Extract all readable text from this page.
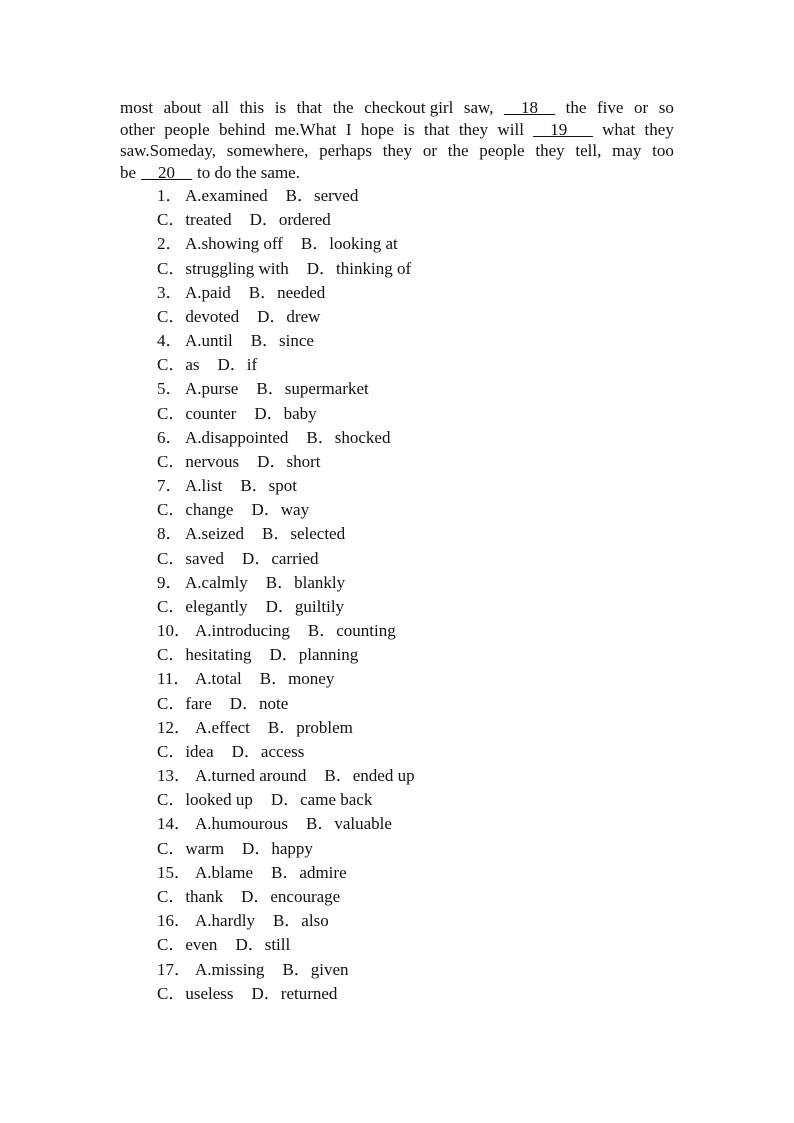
most about all this is that the checkout girl saw, __18__ the five or so
other people behind me.What I hope is that they will __19___ what they
saw.Someday, somewhere, perhaps they or the people they tell, may too
be __20__ to do the same.
1． A.examined B．served
C．treated D．ordered
2． A.showing off B．looking at
C．struggling with D．thinking of
3． A.paid B．needed
C．devoted D．drew
4． A.until B．since
C．as D．if
5． A.purse B．supermarket
C．counter D．baby
6． A.disappointed B．shocked
C．nervous D．short
7． A.list B．spot
C．change D．way
8． A.seized B．selected
C．saved D．carried
9． A.calmly B．blankly
C．elegantly D．guiltily
10． A.introducing B．counting
C．hesitating D．planning
11． A.total B．money
C．fare D．note
12． A.effect B．problem
C．idea D．access
13． A.turned around B．ended up
C．looked up D．came back
14． A.humourous B．valuable
C．warm D．happy
15． A.blame B．admire
C．thank D．encourage
16． A.hardly B．also
C．even D．still
17． A.missing B．given
C．useless D．returned
